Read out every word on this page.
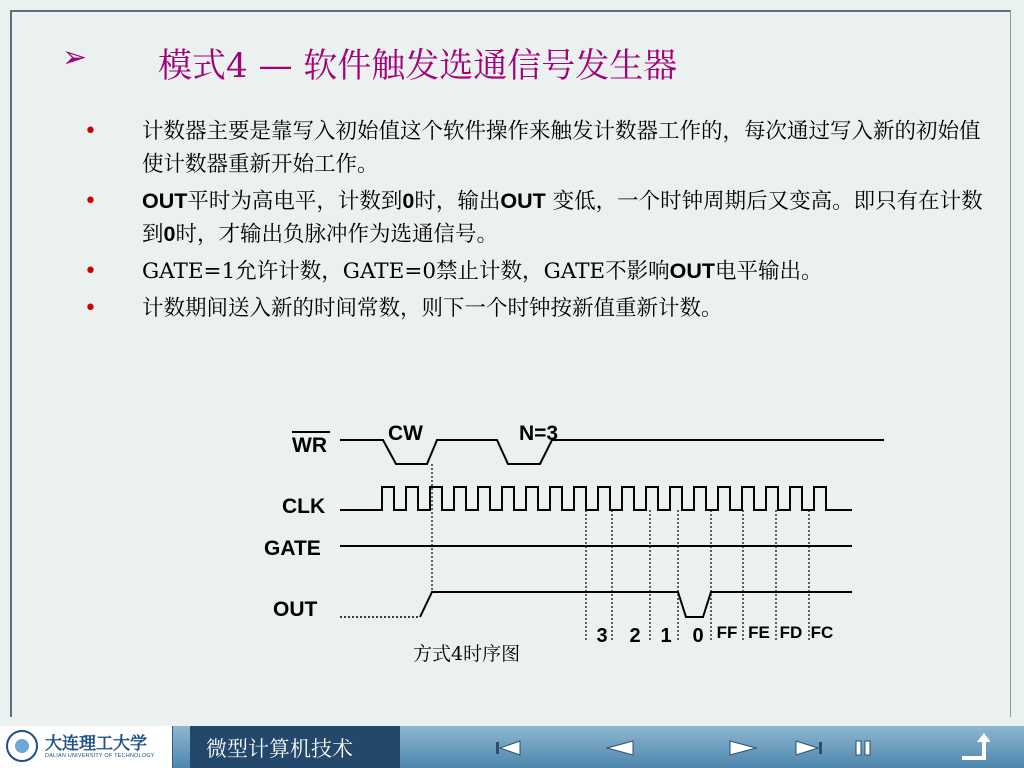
➢ 模式4 — 软件触发选通信号发生器
• 计数器主要是靠写入初始值这个软件操作来触发计数器工作的，每次通过写入新的初始值使计数器重新开始工作。
• OUT平时为高电平，计数到0时，输出OUT 变低，一个时钟周期后又变高。即只有在计数到0时，才输出负脉冲作为选通信号。
• GATE=1允许计数，GATE=0禁止计数，GATE不影响OUT电平输出。
• 计数期间送入新的时间常数，则下一个时钟按新值重新计数。
WR
CLK
GATE
OUT
CW	N=3
3 2 1 0 FF FE FD FC
方式4时序图
大连理工大学
DALIAN UNIVERSITY OF TECHNOLOGY 微型计算机技术
